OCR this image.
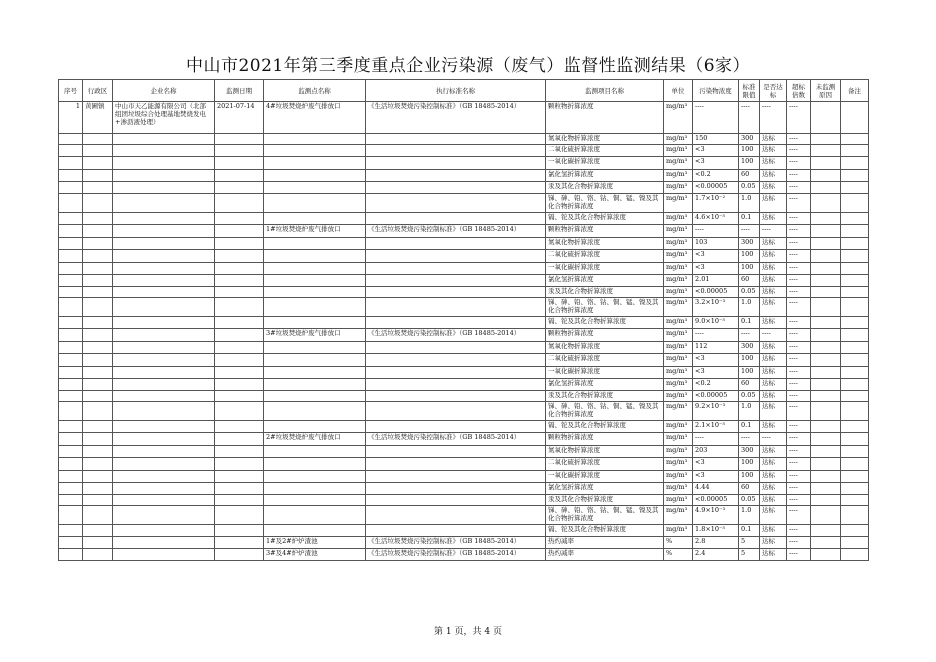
中山市2021年第三季度重点企业污染源（废气）监督性监测结果（6家）
序号	行政区	企业名称	监测日期	监测点名称	执行标准名称	监测项目名称	单位	污染物浓度	标准限值	是否达标	超标倍数	未监测原因	备注
1	黄圃镇	中山市天乙能源有限公司（北部组团垃圾综合处理基地焚烧发电+渗沥液处理）	2021-07-14	4#垃圾焚烧炉废气排放口	《生活垃圾焚烧污染控制标准》（GB 18485-2014）	颗粒物折算浓度	mg/m³	----	----	----	----		
						氮氧化物折算浓度	mg/m³	150	300	达标	----		
						二氧化硫折算浓度	mg/m³	<3	100	达标	----		
						一氧化碳折算浓度	mg/m³	<3	100	达标	----		
						氯化氢折算浓度	mg/m³	<0.2	60	达标	----		
						汞及其化合物折算浓度	mg/m³	<0.00005	0.05	达标	----		
						锑、砷、铅、铬、钴、铜、锰、镍及其化合物折算浓度	mg/m³	1.7×10⁻²	1.0	达标	----		
						镉、铊及其化合物折算浓度	mg/m³	4.6×10⁻⁵	0.1	达标	----		
				1#垃圾焚烧炉废气排放口	《生活垃圾焚烧污染控制标准》（GB 18485-2014）	颗粒物折算浓度	mg/m³	----	----	----	----		
						氮氧化物折算浓度	mg/m³	103	300	达标	----		
						二氧化硫折算浓度	mg/m³	<3	100	达标	----		
						一氧化碳折算浓度	mg/m³	<3	100	达标	----		
						氯化氢折算浓度	mg/m³	2.01	60	达标	----		
						汞及其化合物折算浓度	mg/m³	<0.00005	0.05	达标	----		
						锑、砷、铅、铬、钴、铜、锰、镍及其化合物折算浓度	mg/m³	3.2×10⁻³	1.0	达标	----		
						镉、铊及其化合物折算浓度	mg/m³	9.0×10⁻⁵	0.1	达标	----		
				3#垃圾焚烧炉废气排放口	《生活垃圾焚烧污染控制标准》（GB 18485-2014）	颗粒物折算浓度	mg/m³	----	----	----	----		
						氮氧化物折算浓度	mg/m³	112	300	达标	----		
						二氧化硫折算浓度	mg/m³	<3	100	达标	----		
						一氧化碳折算浓度	mg/m³	<3	100	达标	----		
						氯化氢折算浓度	mg/m³	<0.2	60	达标	----		
						汞及其化合物折算浓度	mg/m³	<0.00005	0.05	达标	----		
						锑、砷、铅、铬、钴、铜、锰、镍及其化合物折算浓度	mg/m³	9.2×10⁻³	1.0	达标	----		
						镉、铊及其化合物折算浓度	mg/m³	2.1×10⁻⁵	0.1	达标	----		
				2#垃圾焚烧炉废气排放口	《生活垃圾焚烧污染控制标准》（GB 18485-2014）	颗粒物折算浓度	mg/m³	----	----	----	----		
						氮氧化物折算浓度	mg/m³	203	300	达标	----		
						二氧化硫折算浓度	mg/m³	<3	100	达标	----		
						一氧化碳折算浓度	mg/m³	<3	100	达标	----		
						氯化氢折算浓度	mg/m³	4.44	60	达标	----		
						汞及其化合物折算浓度	mg/m³	<0.00005	0.05	达标	----		
						锑、砷、铅、铬、钴、铜、锰、镍及其化合物折算浓度	mg/m³	4.9×10⁻³	1.0	达标	----		
						镉、铊及其化合物折算浓度	mg/m³	1.8×10⁻⁵	0.1	达标	----		
				1#及2#炉炉渣池	《生活垃圾焚烧污染控制标准》（GB 18485-2014）	热灼减率	%	2.8	5	达标	----		
				3#及4#炉炉渣池	《生活垃圾焚烧污染控制标准》（GB 18485-2014）	热灼减率	%	2.4	5	达标	----		
第 1 页，共 4 页
